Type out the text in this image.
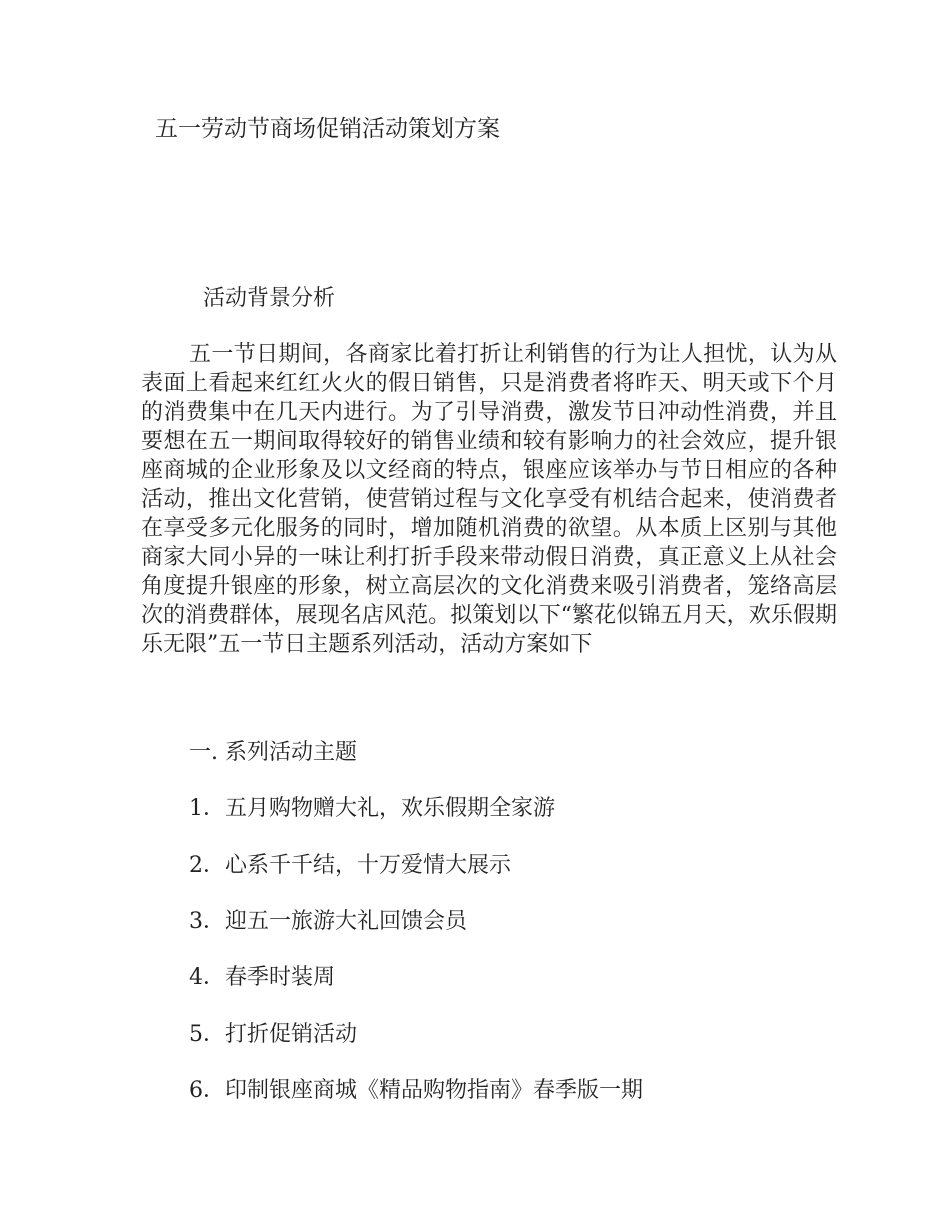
五一劳动节商场促销活动策划方案
活动背景分析
五一节日期间，各商家比着打折让利销售的行为让人担忧，认为从表面上看起来红红火火的假日销售，只是消费者将昨天、明天或下个月的消费集中在几天内进行。为了引导消费，激发节日冲动性消费，并且要想在五一期间取得较好的销售业绩和较有影响力的社会效应，提升银座商城的企业形象及以文经商的特点，银座应该举办与节日相应的各种活动，推出文化营销，使营销过程与文化享受有机结合起来，使消费者在享受多元化服务的同时，增加随机消费的欲望。从本质上区别与其他商家大同小异的一味让利打折手段来带动假日消费，真正意义上从社会角度提升银座的形象，树立高层次的文化消费来吸引消费者，笼络高层次的消费群体，展现名店风范。拟策划以下“繁花似锦五月天，欢乐假期乐无限”五一节日主题系列活动，活动方案如下
一. 系列活动主题
1．五月购物赠大礼，欢乐假期全家游
2．心系千千结，十万爱情大展示
3．迎五一旅游大礼回馈会员
4．春季时装周
5．打折促销活动
6．印制银座商城《精品购物指南》春季版一期
